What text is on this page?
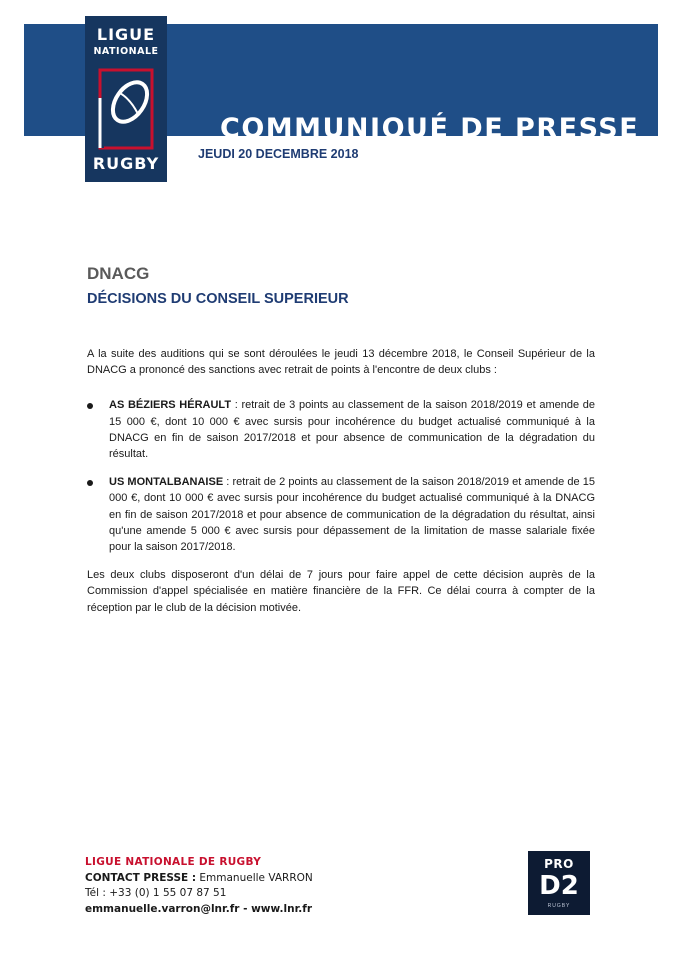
COMMUNIQUÉ DE PRESSE
LIGUE
NATIONALE
RUGBY	JEUDI 20 DECEMBRE 2018
DNACG
DÉCISIONS DU CONSEIL SUPERIEUR

A la suite des auditions qui se sont déroulées le jeudi 13 décembre 2018, le Conseil Supérieur de la DNACG a prononcé des sanctions avec retrait de points à l'encontre de deux clubs :

AS BÉZIERS HÉRAULT : retrait de 3 points au classement de la saison 2018/2019 et amende de 15 000 €, dont 10 000 € avec sursis pour incohérence du budget actualisé communiqué à la DNACG en fin de saison 2017/2018 et pour absence de communication de la dégradation du résultat.
US MONTALBANAISE : retrait de 2 points au classement de la saison 2018/2019 et amende de 15 000 €, dont 10 000 € avec sursis pour incohérence du budget actualisé communiqué à la DNACG en fin de saison 2017/2018 et pour absence de communication de la dégradation du résultat, ainsi qu'une amende 5 000 € avec sursis pour dépassement de la limitation de masse salariale fixée pour la saison 2017/2018.

Les deux clubs disposeront d'un délai de 7 jours pour faire appel de cette décision auprès de la Commission d'appel spécialisée en matière financière de la FFR. Ce délai courra à compter de la réception par le club de la décision motivée.

LIGUE NATIONALE DE RUGBY
CONTACT PRESSE : Emmanuelle VARRON
Tél : +33 (0) 1 55 07 87 51
emmanuelle.varron@lnr.fr - www.lnr.fr
PRO
D2
RUGBY
